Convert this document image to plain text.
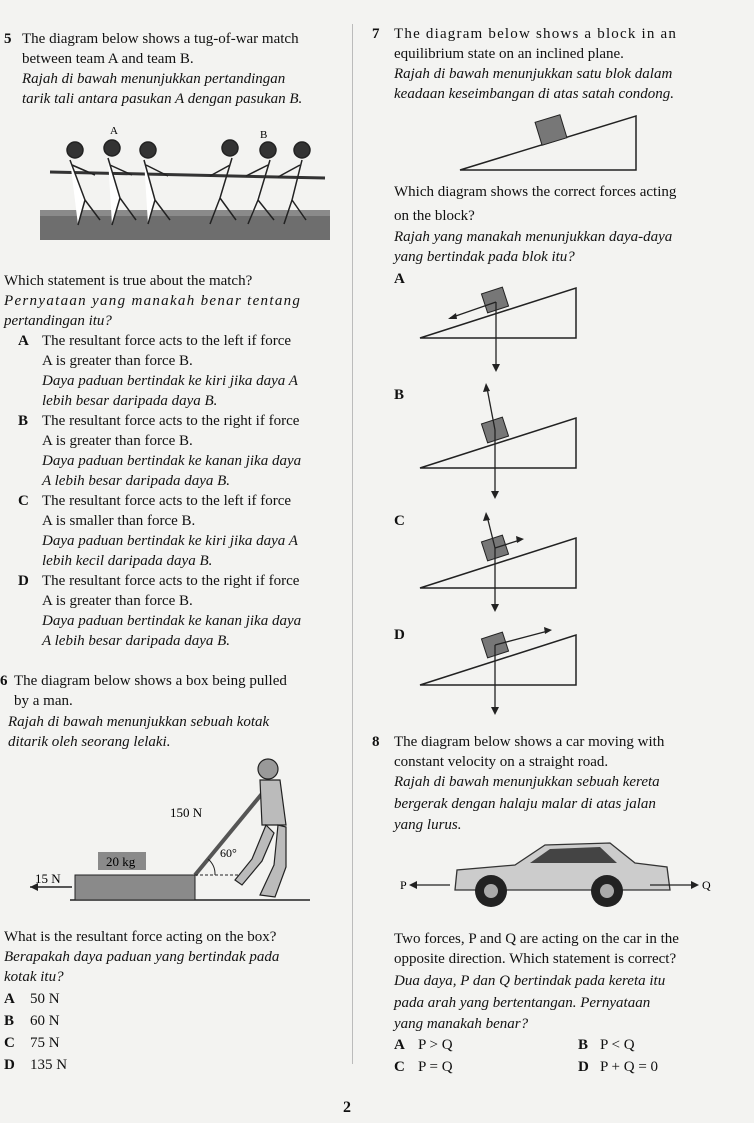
5 The diagram below shows a tug-of-war match
between team A and team B.
Rajah di bawah menunjukkan pertandingan
tarik tali antara pasukan A dengan pasukan B.
A	B
Which statement is true about the match?
Pernyataan yang manakah benar tentang
pertandingan itu?
A The resultant force acts to the left if force
A is greater than force B.
Daya paduan bertindak ke kiri jika daya A
lebih besar daripada daya B.
B The resultant force acts to the right if force
A is greater than force B.
Daya paduan bertindak ke kanan jika daya
A lebih besar daripada daya B.
C The resultant force acts to the left if force
A is smaller than force B.
Daya paduan bertindak ke kiri jika daya A
lebih kecil daripada daya B.
D The resultant force acts to the right if force
A is greater than force B.
Daya paduan bertindak ke kanan jika daya
A lebih besar daripada daya B.
6 The diagram below shows a box being pulled
by a man.
Rajah di bawah menunjukkan sebuah kotak
ditarik oleh seorang lelaki.
150 N
20 kg
60°
15 N
What is the resultant force acting on the box?
Berapakah daya paduan yang bertindak pada
kotak itu?
A 50 N
B 60 N
C 75 N
D 135 N
7 The diagram below shows a block in an
equilibrium state on an inclined plane.
Rajah di bawah menunjukkan satu blok dalam
keadaan keseimbangan di atas satah condong.
Which diagram shows the correct forces acting
on the block?
Rajah yang manakah menunjukkan daya-daya
yang bertindak pada blok itu?
A
B
C
D
8 The diagram below shows a car moving with
constant velocity on a straight road.
Rajah di bawah menunjukkan sebuah kereta
bergerak dengan halaju malar di atas jalan
yang lurus.
P	Q
Two forces, P and Q are acting on the car in the
opposite direction. Which statement is correct?
Dua daya, P dan Q bertindak pada kereta itu
pada arah yang bertentangan. Pernyataan
yang manakah benar?
A P > Q	B P < Q
C P = Q	D P + Q = 0
2
